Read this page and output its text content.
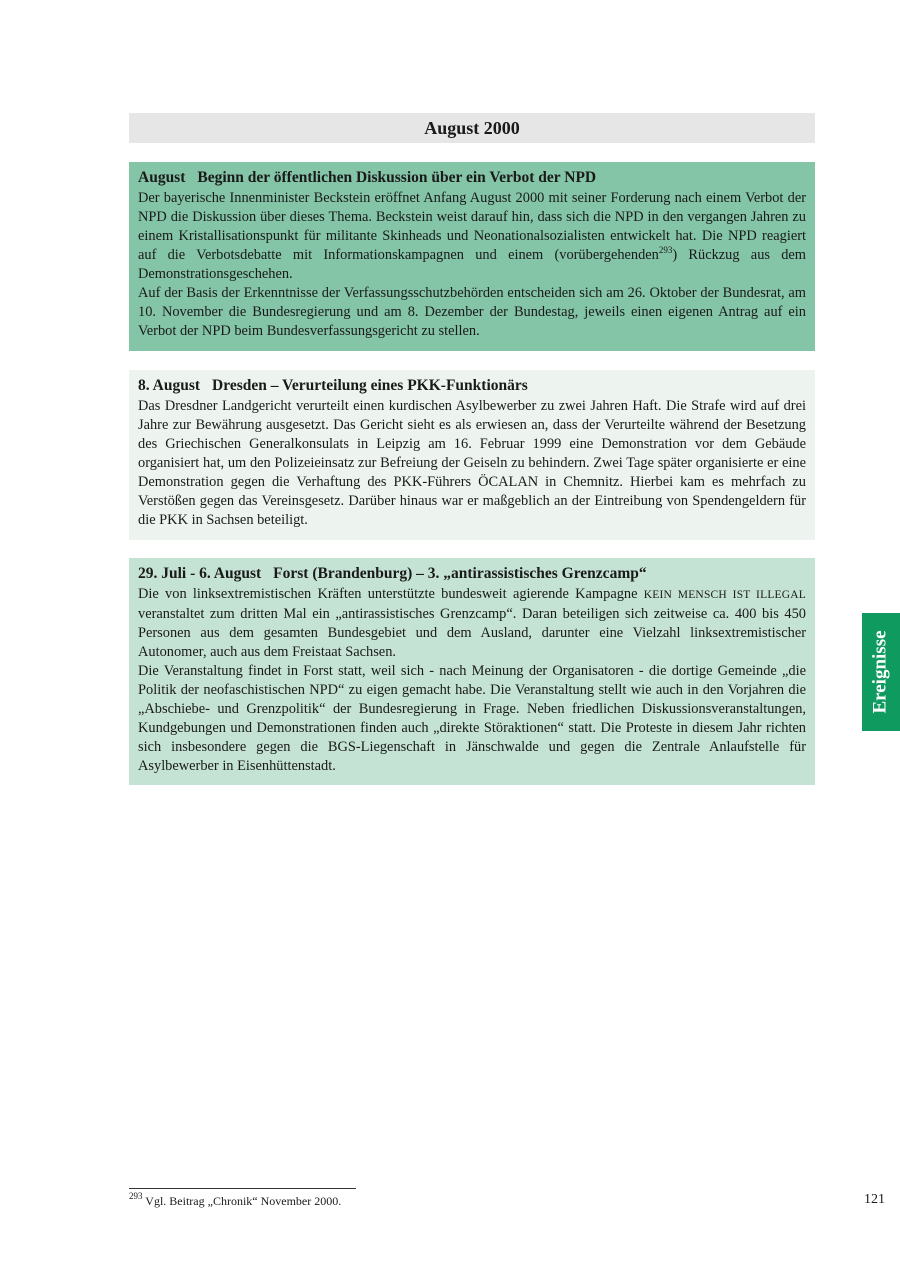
August 2000
August Beginn der öffentlichen Diskussion über ein Verbot der NPD

Der bayerische Innenminister Beckstein eröffnet Anfang August 2000 mit seiner Forderung nach einem Verbot der NPD die Diskussion über dieses Thema. Beckstein weist darauf hin, dass sich die NPD in den vergangen Jahren zu einem Kristallisationspunkt für militante Skinheads und Neonationalsozialisten entwickelt hat. Die NPD reagiert auf die Verbotsdebatte mit Informationskampagnen und einem (vorübergehenden$^{293}$) Rückzug aus dem Demonstrationsgeschehen.

Auf der Basis der Erkenntnisse der Verfassungsschutzbehörden entscheiden sich am 26. Oktober der Bundesrat, am 10. November die Bundesregierung und am 8. Dezember der Bundestag, jeweils einen eigenen Antrag auf ein Verbot der NPD beim Bundesverfassungsgericht zu stellen.

8. August Dresden – Verurteilung eines PKK-Funktionärs

Das Dresdner Landgericht verurteilt einen kurdischen Asylbewerber zu zwei Jahren Haft. Die Strafe wird auf drei Jahre zur Bewährung ausgesetzt. Das Gericht sieht es als erwiesen an, dass der Verurteilte während der Besetzung des Griechischen Generalkonsulats in Leipzig am 16. Februar 1999 eine Demonstration vor dem Gebäude organisiert hat, um den Polizeieinsatz zur Befreiung der Geiseln zu behindern. Zwei Tage später organisierte er eine Demonstration gegen die Verhaftung des PKK-Führers ÖCALAN in Chemnitz. Hierbei kam es mehrfach zu Verstößen gegen das Vereinsgesetz. Darüber hinaus war er maßgeblich an der Eintreibung von Spendengeldern für die PKK in Sachsen beteiligt.

29. Juli - 6. August Forst (Brandenburg) – 3. „antirassistisches Grenzcamp“

Die von linksextremistischen Kräften unterstützte bundesweit agierende Kampagne KEIN MENSCH IST ILLEGAL veranstaltet zum dritten Mal ein „antirassistisches Grenzcamp“. Daran beteiligen sich zeitweise ca. 400 bis 450 Personen aus dem gesamten Bundesgebiet und dem Ausland, darunter eine Vielzahl linksextremistischer Autonomer, auch aus dem Freistaat Sachsen.

Die Veranstaltung findet in Forst statt, weil sich - nach Meinung der Organisatoren - die dortige Gemeinde „die Politik der neofaschistischen NPD“ zu eigen gemacht habe. Die Veranstaltung stellt wie auch in den Vorjahren die „Abschiebe- und Grenzpolitik“ der Bundesregierung in Frage. Neben friedlichen Diskussionsveranstaltungen, Kundgebungen und Demonstrationen finden auch „direkte Störaktionen“ statt. Die Proteste in diesem Jahr richten sich insbesondere gegen die BGS-Liegenschaft in Jänschwalde und gegen die Zentrale Anlaufstelle für Asylbewerber in Eisenhüttenstadt.

Ereignisse
$^{293}$ Vgl. Beitrag „Chronik“ November 2000.	121
